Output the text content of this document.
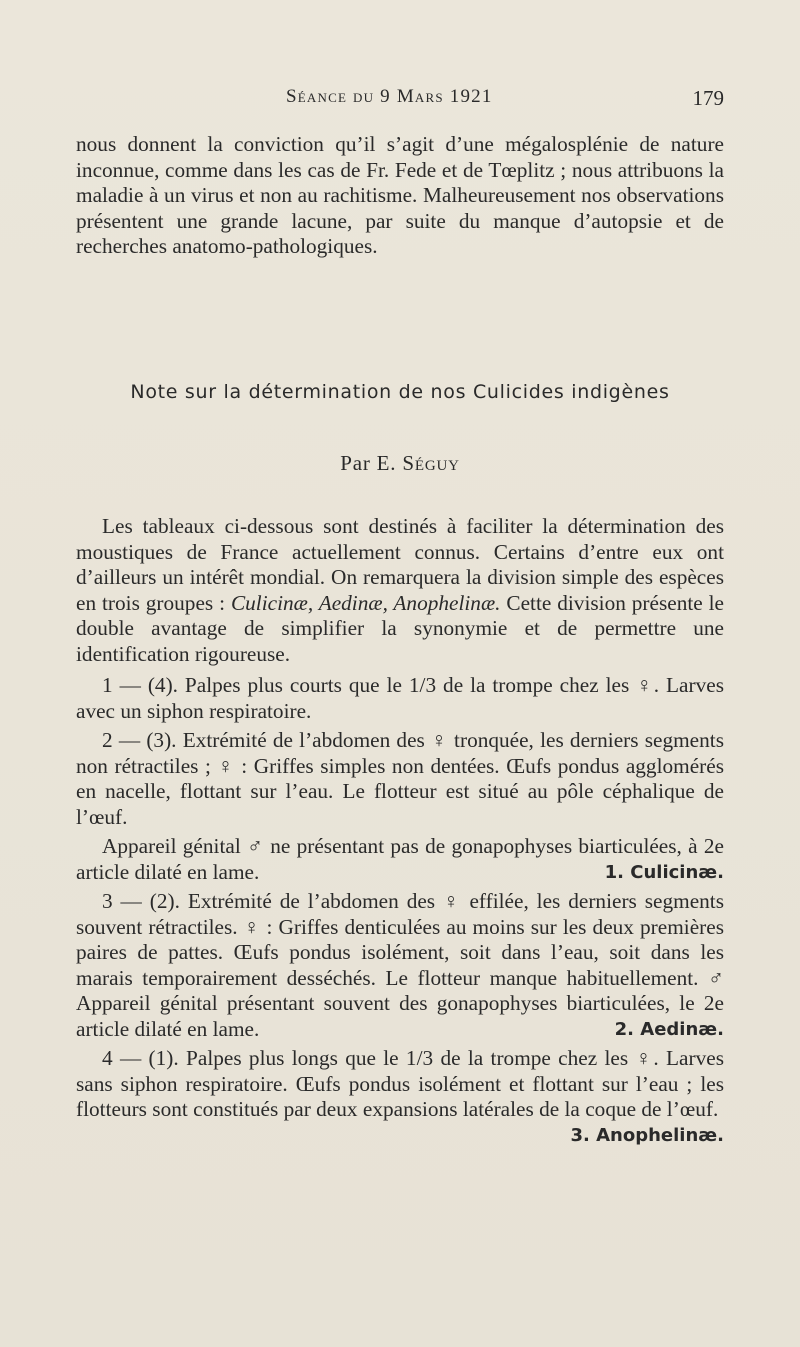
Séance du 9 Mars 1921	179

nous donnent la conviction qu’il s’agit d’une mégalosplénie de nature inconnue, comme dans les cas de Fr. Fede et de Tœplitz ; nous attribuons la maladie à un virus et non au rachitisme. Malheureusement nos observations présentent une grande lacune, par suite du manque d’autopsie et de recherches anatomo-pathologiques.

Note sur la détermination de nos Culicides indigènes
Par E. Séguy

Les tableaux ci-dessous sont destinés à faciliter la détermination des moustiques de France actuellement connus. Certains d’entre eux ont d’ailleurs un intérêt mondial. On remarquera la division simple des espèces en trois groupes : Culicinæ, Aedinæ, Anophelinæ. Cette division présente le double avantage de simplifier la synonymie et de permettre une identification rigoureuse.

1 — (4). Palpes plus courts que le 1/3 de la trompe chez les ♀. Larves avec un siphon respiratoire.

2 — (3). Extrémité de l’abdomen des ♀ tronquée, les derniers segments non rétractiles ; ♀ : Griffes simples non dentées. Œufs pondus agglomérés en nacelle, flottant sur l’eau. Le flotteur est situé au pôle céphalique de l’œuf.

Appareil génital ♂ ne présentant pas de gonapophyses biarticulées, à 2e article dilaté en lame.	1. Culicinæ.

3 — (2). Extrémité de l’abdomen des ♀ effilée, les derniers segments souvent rétractiles. ♀ : Griffes denticulées au moins sur les deux premières paires de pattes. Œufs pondus isolément, soit dans l’eau, soit dans les marais temporairement desséchés. Le flotteur manque habituellement. ♂ Appareil génital présentant souvent des gonapophyses biarticulées, le 2e article dilaté en lame.	2. Aedinæ.

4 — (1). Palpes plus longs que le 1/3 de la trompe chez les ♀. Larves sans siphon respiratoire. Œufs pondus isolément et flottant sur l’eau ; les flotteurs sont constitués par deux expansions latérales de la coque de l’œuf.
3. Anophelinæ.
